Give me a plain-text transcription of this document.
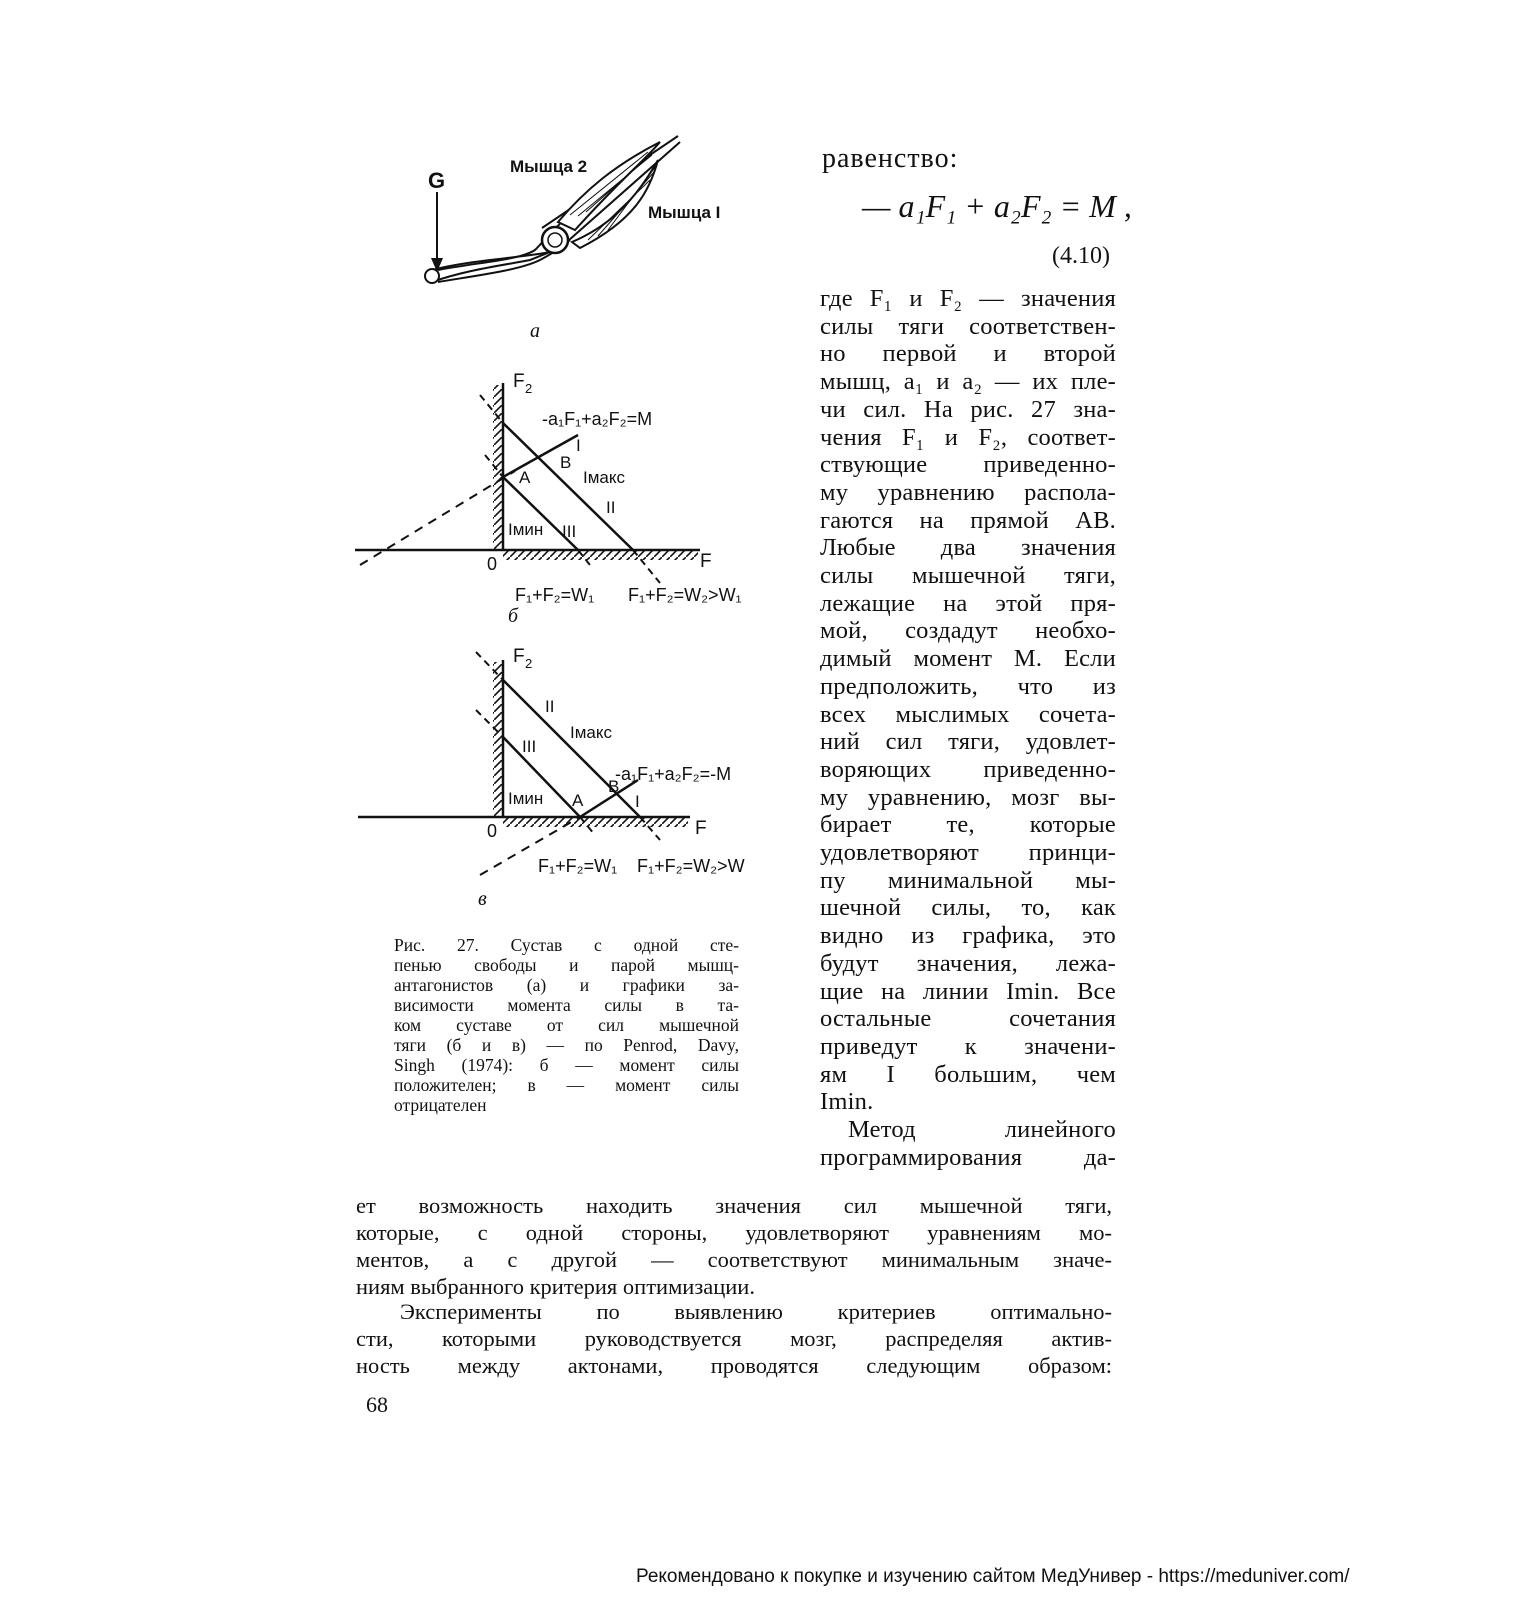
G
Мышца 2
Мышца I
а
F 2
F
0
-a₁F₁+a₂F₂=M
I
B
A	Iмакс
II
Iмин III
F₁+F₂=W₁ F₁+F₂=W₂>W₁
б
F 2
F
0
II
Iмакс
III
-a₁F₁+a₂F₂=-M
B
I
Iмин A
F₁+F₂=W₁ F₁+F₂=W₂>W
в
Рис. 27. Сустав с одной сте-
пенью свободы и парой мышц-
антагонистов (а) и графики за-
висимости момента силы в та-
ком суставе от сил мышечной
тяги (б и в) — по Penrod, Davy,
Singh (1974): б — момент силы
положителен; в — момент силы
отрицателен
равенство:
— a₁F₁ + a₂F₂ = M ,
(4.10)
где F₁ и F₂ — значения
силы тяги соответствен-
но первой и второй
мышц, a₁ и a₂ — их пле-
чи сил. На рис. 27 зна-
чения F₁ и F₂, соответ-
ствующие приведенно-
му уравнению распола-
гаются на прямой AB.
Любые два значения
силы мышечной тяги,
лежащие на этой пря-
мой, создадут необхо-
димый момент М. Если
предположить, что из
всех мыслимых сочета-
ний сил тяги, удовлет-
воряющих приведенно-
му уравнению, мозг вы-
бирает те, которые
удовлетворяют принци-
пу минимальной мы-
шечной силы, то, как
видно из графика, это
будут значения, лежа-
щие на линии Imin. Все
остальные сочетания
приведут к значени-
ям I большим, чем
Imin.
Метод линейного
программирования да-
ет возможность находить значения сил мышечной тяги,
которые, с одной стороны, удовлетворяют уравнениям мо-
ментов, а с другой — соответствуют минимальным значе-
ниям выбранного критерия оптимизации.
Эксперименты по выявлению критериев оптимально-
сти, которыми руководствуется мозг, распределяя актив-
ность между актонами, проводятся следующим образом:
68
Рекомендовано к покупке и изучению сайтом МедУнивер - https://meduniver.com/
